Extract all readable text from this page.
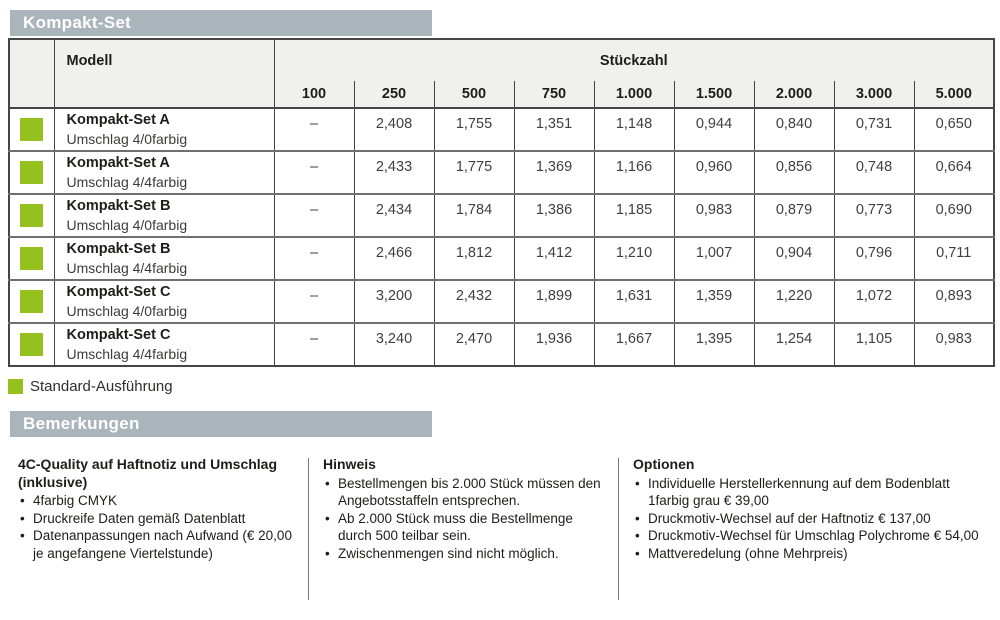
Kompakt-Set
	Modell	Stückzahl								
		100	250	500	750	1.000	1.500	2.000	3.000	5.000

	Kompakt-Set A
Umschlag 4/0farbig	–	2,408	1,755	1,351	1,148	0,944	0,840	0,731	0,650

	Kompakt-Set A
Umschlag 4/4farbig	–	2,433	1,775	1,369	1,166	0,960	0,856	0,748	0,664

	Kompakt-Set B
Umschlag 4/0farbig	–	2,434	1,784	1,386	1,185	0,983	0,879	0,773	0,690

	Kompakt-Set B
Umschlag 4/4farbig	–	2,466	1,812	1,412	1,210	1,007	0,904	0,796	0,711

	Kompakt-Set C
Umschlag 4/0farbig	–	3,200	2,432	1,899	1,631	1,359	1,220	1,072	0,893

	Kompakt-Set C
Umschlag 4/4farbig	–	3,240	2,470	1,936	1,667	1,395	1,254	1,105	0,983
Standard-Ausführung
Bemerkungen
4C-Quality auf Haftnotiz und Umschlag (inklusive)
• 4farbig CMYK
• Druckreife Daten gemäß Datenblatt
• Datenanpassungen nach Aufwand (€ 20,00 je angefangene Viertelstunde)
Hinweis
• Bestellmengen bis 2.000 Stück müssen den Angebotsstaffeln entsprechen.
• Ab 2.000 Stück muss die Bestellmenge durch 500 teilbar sein.
• Zwischenmengen sind nicht möglich.
Optionen
• Individuelle Herstellerkennung auf dem Bodenblatt 1farbig grau € 39,00
• Druckmotiv-Wechsel auf der Haftnotiz € 137,00
• Druckmotiv-Wechsel für Umschlag Polychrome € 54,00
• Mattveredelung (ohne Mehrpreis)
